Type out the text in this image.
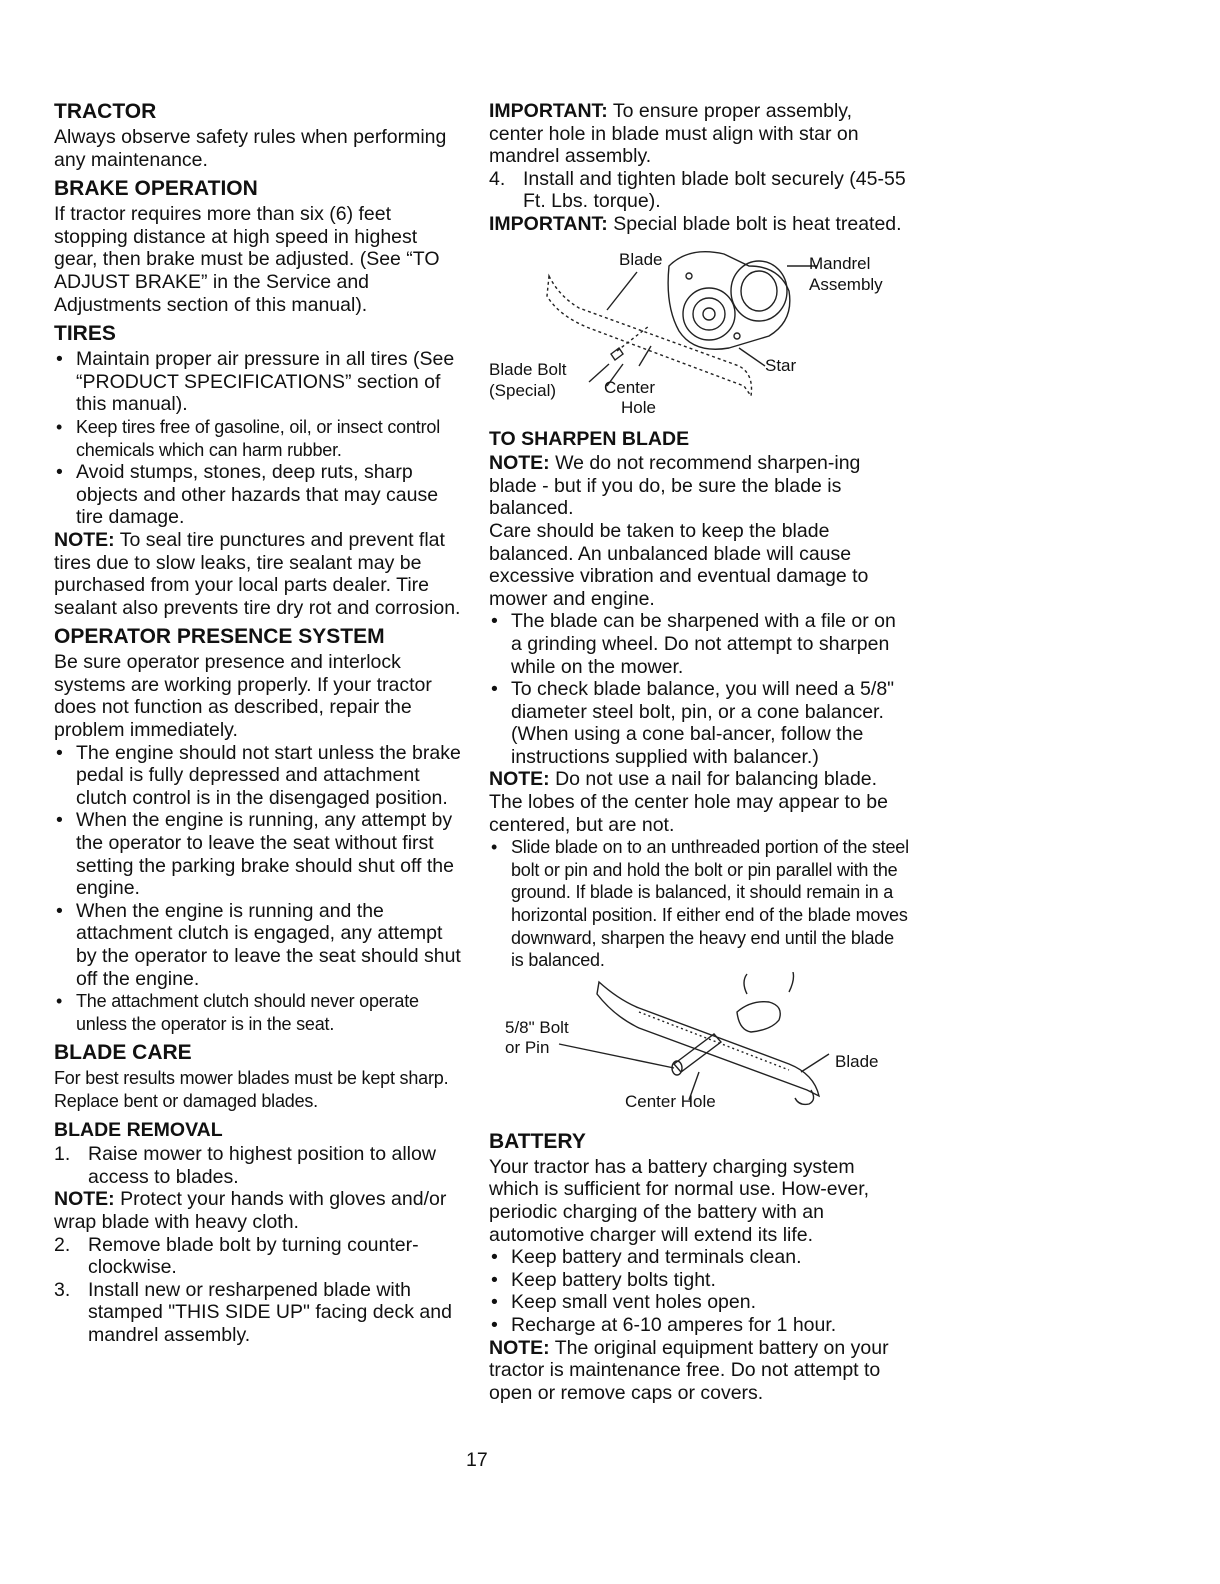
TRACTOR

Always observe safety rules when performing any maintenance.

BRAKE OPERATION

If tractor requires more than six (6) feet stopping distance at high speed in highest gear, then brake must be adjusted. (See “TO ADJUST BRAKE” in the Service and Adjustments section of this manual).

TIRES
• Maintain proper air pressure in all tires (See “PRODUCT SPECIFICATIONS” section of this manual).
• Keep tires free of gasoline, oil, or insect control chemicals which can harm rubber.
• Avoid stumps, stones, deep ruts, sharp objects and other hazards that may cause tire damage.

NOTE: To seal tire punctures and prevent flat tires due to slow leaks, tire sealant may be purchased from your local parts dealer. Tire sealant also prevents tire dry rot and corrosion.

OPERATOR PRESENCE SYSTEM

Be sure operator presence and interlock systems are working properly. If your tractor does not function as described, repair the problem immediately.

• The engine should not start unless the brake pedal is fully depressed and attachment clutch control is in the disengaged position.
• When the engine is running, any attempt by the operator to leave the seat without first setting the parking brake should shut off the engine.
• When the engine is running and the attachment clutch is engaged, any attempt by the operator to leave the seat should shut off the engine.
• The attachment clutch should never operate unless the operator is in the seat.
BLADE CARE

For best results mower blades must be kept sharp. Replace bent or damaged blades.

BLADE REMOVAL
1. Raise mower to highest position to allow access to blades.

NOTE: Protect your hands with gloves and/or wrap blade with heavy cloth.

2. Remove blade bolt by turning counter-clockwise.
3. Install new or resharpened blade with stamped "THIS SIDE UP" facing deck and mandrel assembly.

IMPORTANT: To ensure proper assembly, center hole in blade must align with star on mandrel assembly.

4. Install and tighten blade bolt securely (45-55 Ft. Lbs. torque).

IMPORTANT: Special blade bolt is heat treated.

Blade	Mandrel
Assembly
Blade Bolt
(Special)	Center
Hole
Star
TO SHARPEN BLADE

NOTE: We do not recommend sharpen-ing blade - but if you do, be sure the blade is balanced.

Care should be taken to keep the blade balanced. An unbalanced blade will cause excessive vibration and eventual damage to mower and engine.

• The blade can be sharpened with a file or on a grinding wheel. Do not attempt to sharpen while on the mower.
• To check blade balance, you will need a 5/8" diameter steel bolt, pin, or a cone balancer. (When using a cone bal-ancer, follow the instructions supplied with balancer.)

NOTE: Do not use a nail for balancing blade. The lobes of the center hole may appear to be centered, but are not.

• Slide blade on to an unthreaded portion of the steel bolt or pin and hold the bolt or pin parallel with the ground. If blade is balanced, it should remain in a horizontal position. If either end of the blade moves downward, sharpen the heavy end until the blade is balanced.
5/8" Bolt
or Pin
Blade
Center Hole
BATTERY

Your tractor has a battery charging system which is sufficient for normal use. How-ever, periodic charging of the battery with an automotive charger will extend its life.

• Keep battery and terminals clean.
• Keep battery bolts tight.
• Keep small vent holes open.
• Recharge at 6-10 amperes for 1 hour.

NOTE: The original equipment battery on your tractor is maintenance free. Do not attempt to open or remove caps or covers.

17
